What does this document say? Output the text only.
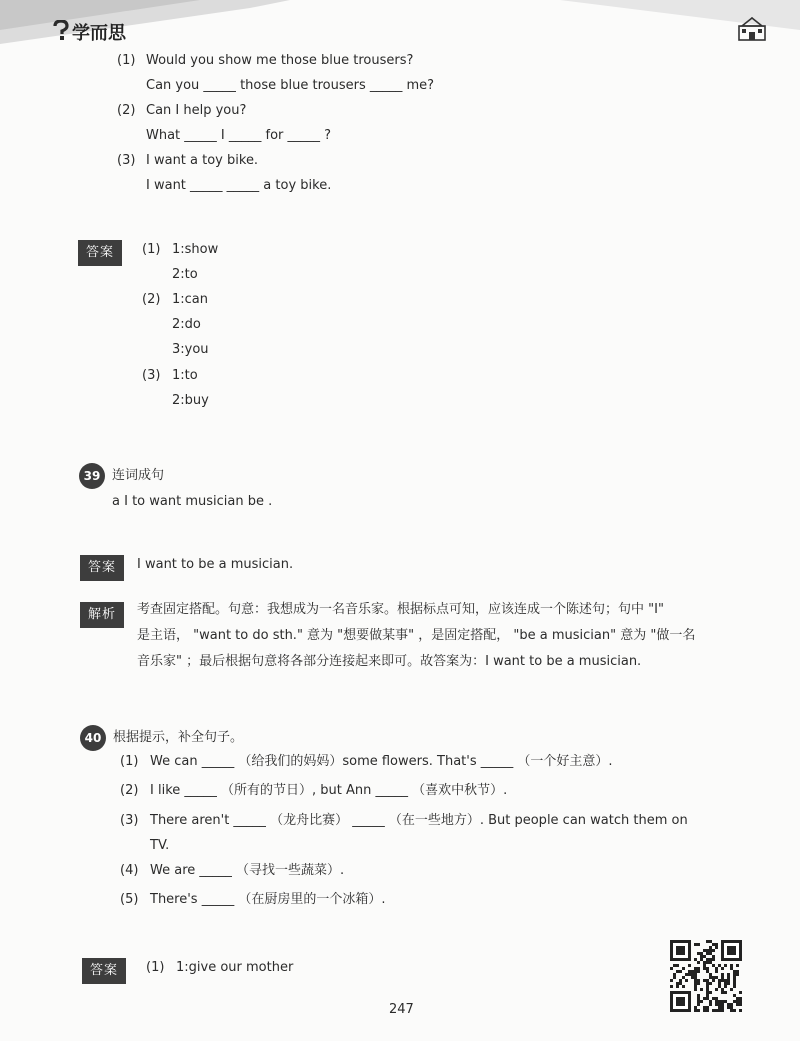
学而思
(1) Would you show me those blue trousers?
Can you _____ those blue trousers _____ me?
(2) Can I help you?
What _____ I _____ for _____ ?
(3) I want a toy bike.
I want _____ _____ a toy bike.
答案	(1) 1:show
2:to
(2) 1:can
2:do
3:you
(3) 1:to
2:buy
39 连词成句
a I to want musician be .
答案	I want to be a musician.
解析	考查固定搭配。句意：我想成为一名音乐家。根据标点可知，应该连成一个陈述句；句中 "I"
是主语， "want to do sth." 意为 "想要做某事" ，是固定搭配， "be a musician" 意为 "做一名
音乐家" ；最后根据句意将各部分连接起来即可。故答案为：I want to be a musician.
40 根据提示，补全句子。
(1) We can _____ （给我们的妈妈）some flowers. That's _____ （一个好主意）.
(2) I like _____ （所有的节日）, but Ann _____ （喜欢中秋节）.
(3) There aren't _____ （龙舟比赛） _____ （在一些地方）. But people can watch them on
TV.
(4) We are _____ （寻找一些蔬菜）.
(5) There's _____ （在厨房里的一个冰箱）.
答案	(1) 1:give our mother
247
